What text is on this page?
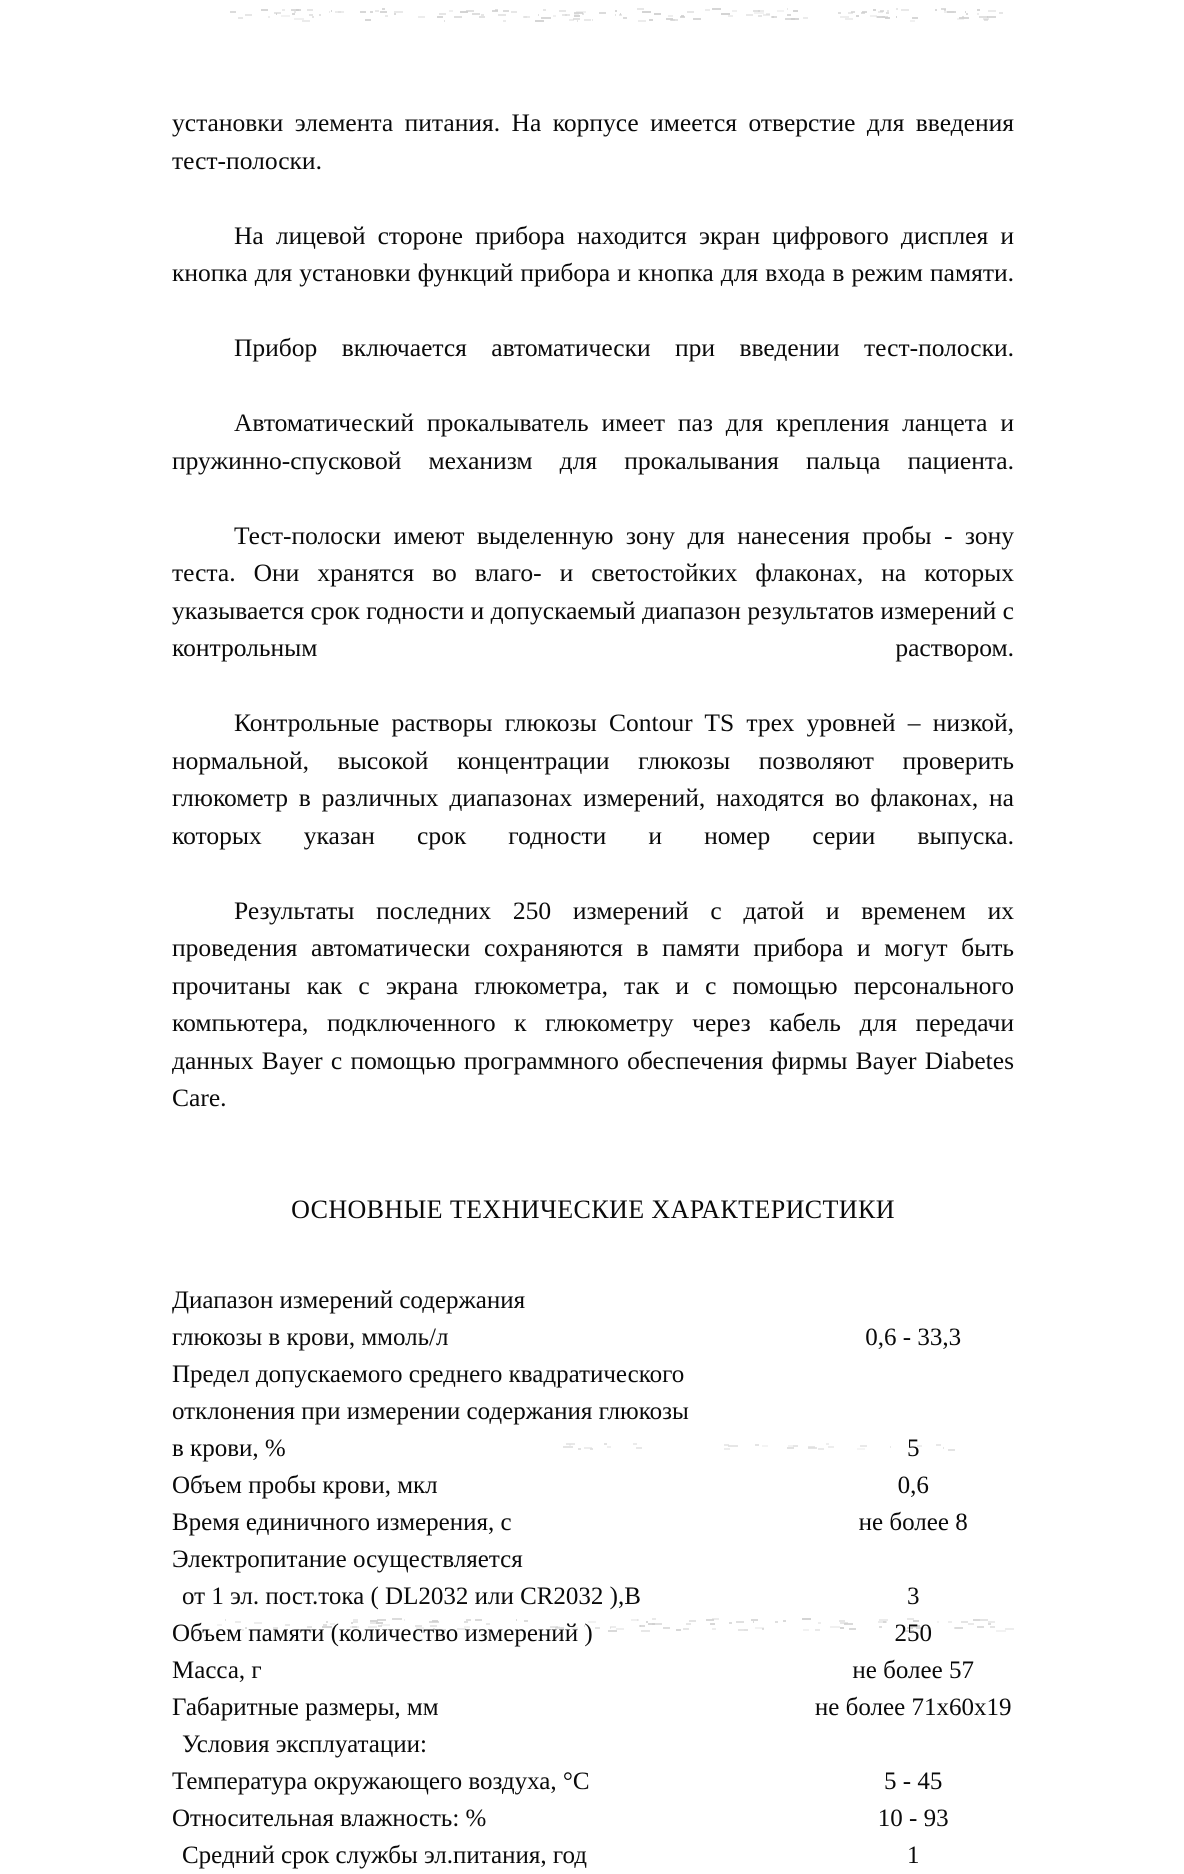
установки элемента питания. На корпусе имеется отверстие для введения тест-полоски.

На лицевой стороне прибора находится экран цифрового дисплея и кнопка для установки функций прибора и кнопка для входа в режим памяти.

Прибор включается автоматически при введении тест-полоски.

Автоматический прокалыватель имеет паз для крепления ланцета и пружинно-спусковой механизм для прокалывания пальца пациента.

Тест-полоски имеют выделенную зону для нанесения пробы - зону теста. Они хранятся во влаго- и светостойких флаконах, на которых указывается срок годности и допускаемый диапазон результатов измерений с контрольным раствором.

Контрольные растворы глюкозы Contour TS трех уровней – низкой, нормальной, высокой концентрации глюкозы позволяют проверить глюкометр в различных диапазонах измерений, находятся во флаконах, на которых указан срок годности и номер серии выпуска.

Результаты последних 250 измерений с датой и временем их проведения автоматически сохраняются в памяти прибора и могут быть прочитаны как с экрана глюкометра, так и с помощью персонального компьютера, подключенного к глюкометру через кабель для передачи данных Bayer с помощью программного обеспечения фирмы Bayer Diabetes Care.

ОСНОВНЫЕ ТЕХНИЧЕСКИЕ ХАРАКТЕРИСТИКИ
Диапазон измерений содержания	
глюкозы в крови, ммоль/л	0,6 - 33,3
Предел допускаемого среднего квадратического	
отклонения при измерении содержания глюкозы	
в крови, %	5
Объем пробы крови, мкл	0,6
Время единичного измерения, с	не более 8
Электропитание осуществляется	
от 1 эл. пост.тока ( DL2032 или CR2032 ),В	3
Объем памяти (количество измерений )	250
Масса, г	не более 57
Габаритные размеры, мм	не более 71х60х19
Условия эксплуатации:	
Температура окружающего воздуха, °С	5 - 45
Относительная влажность: %	10 - 93
Средний срок службы эл.питания, год	1
